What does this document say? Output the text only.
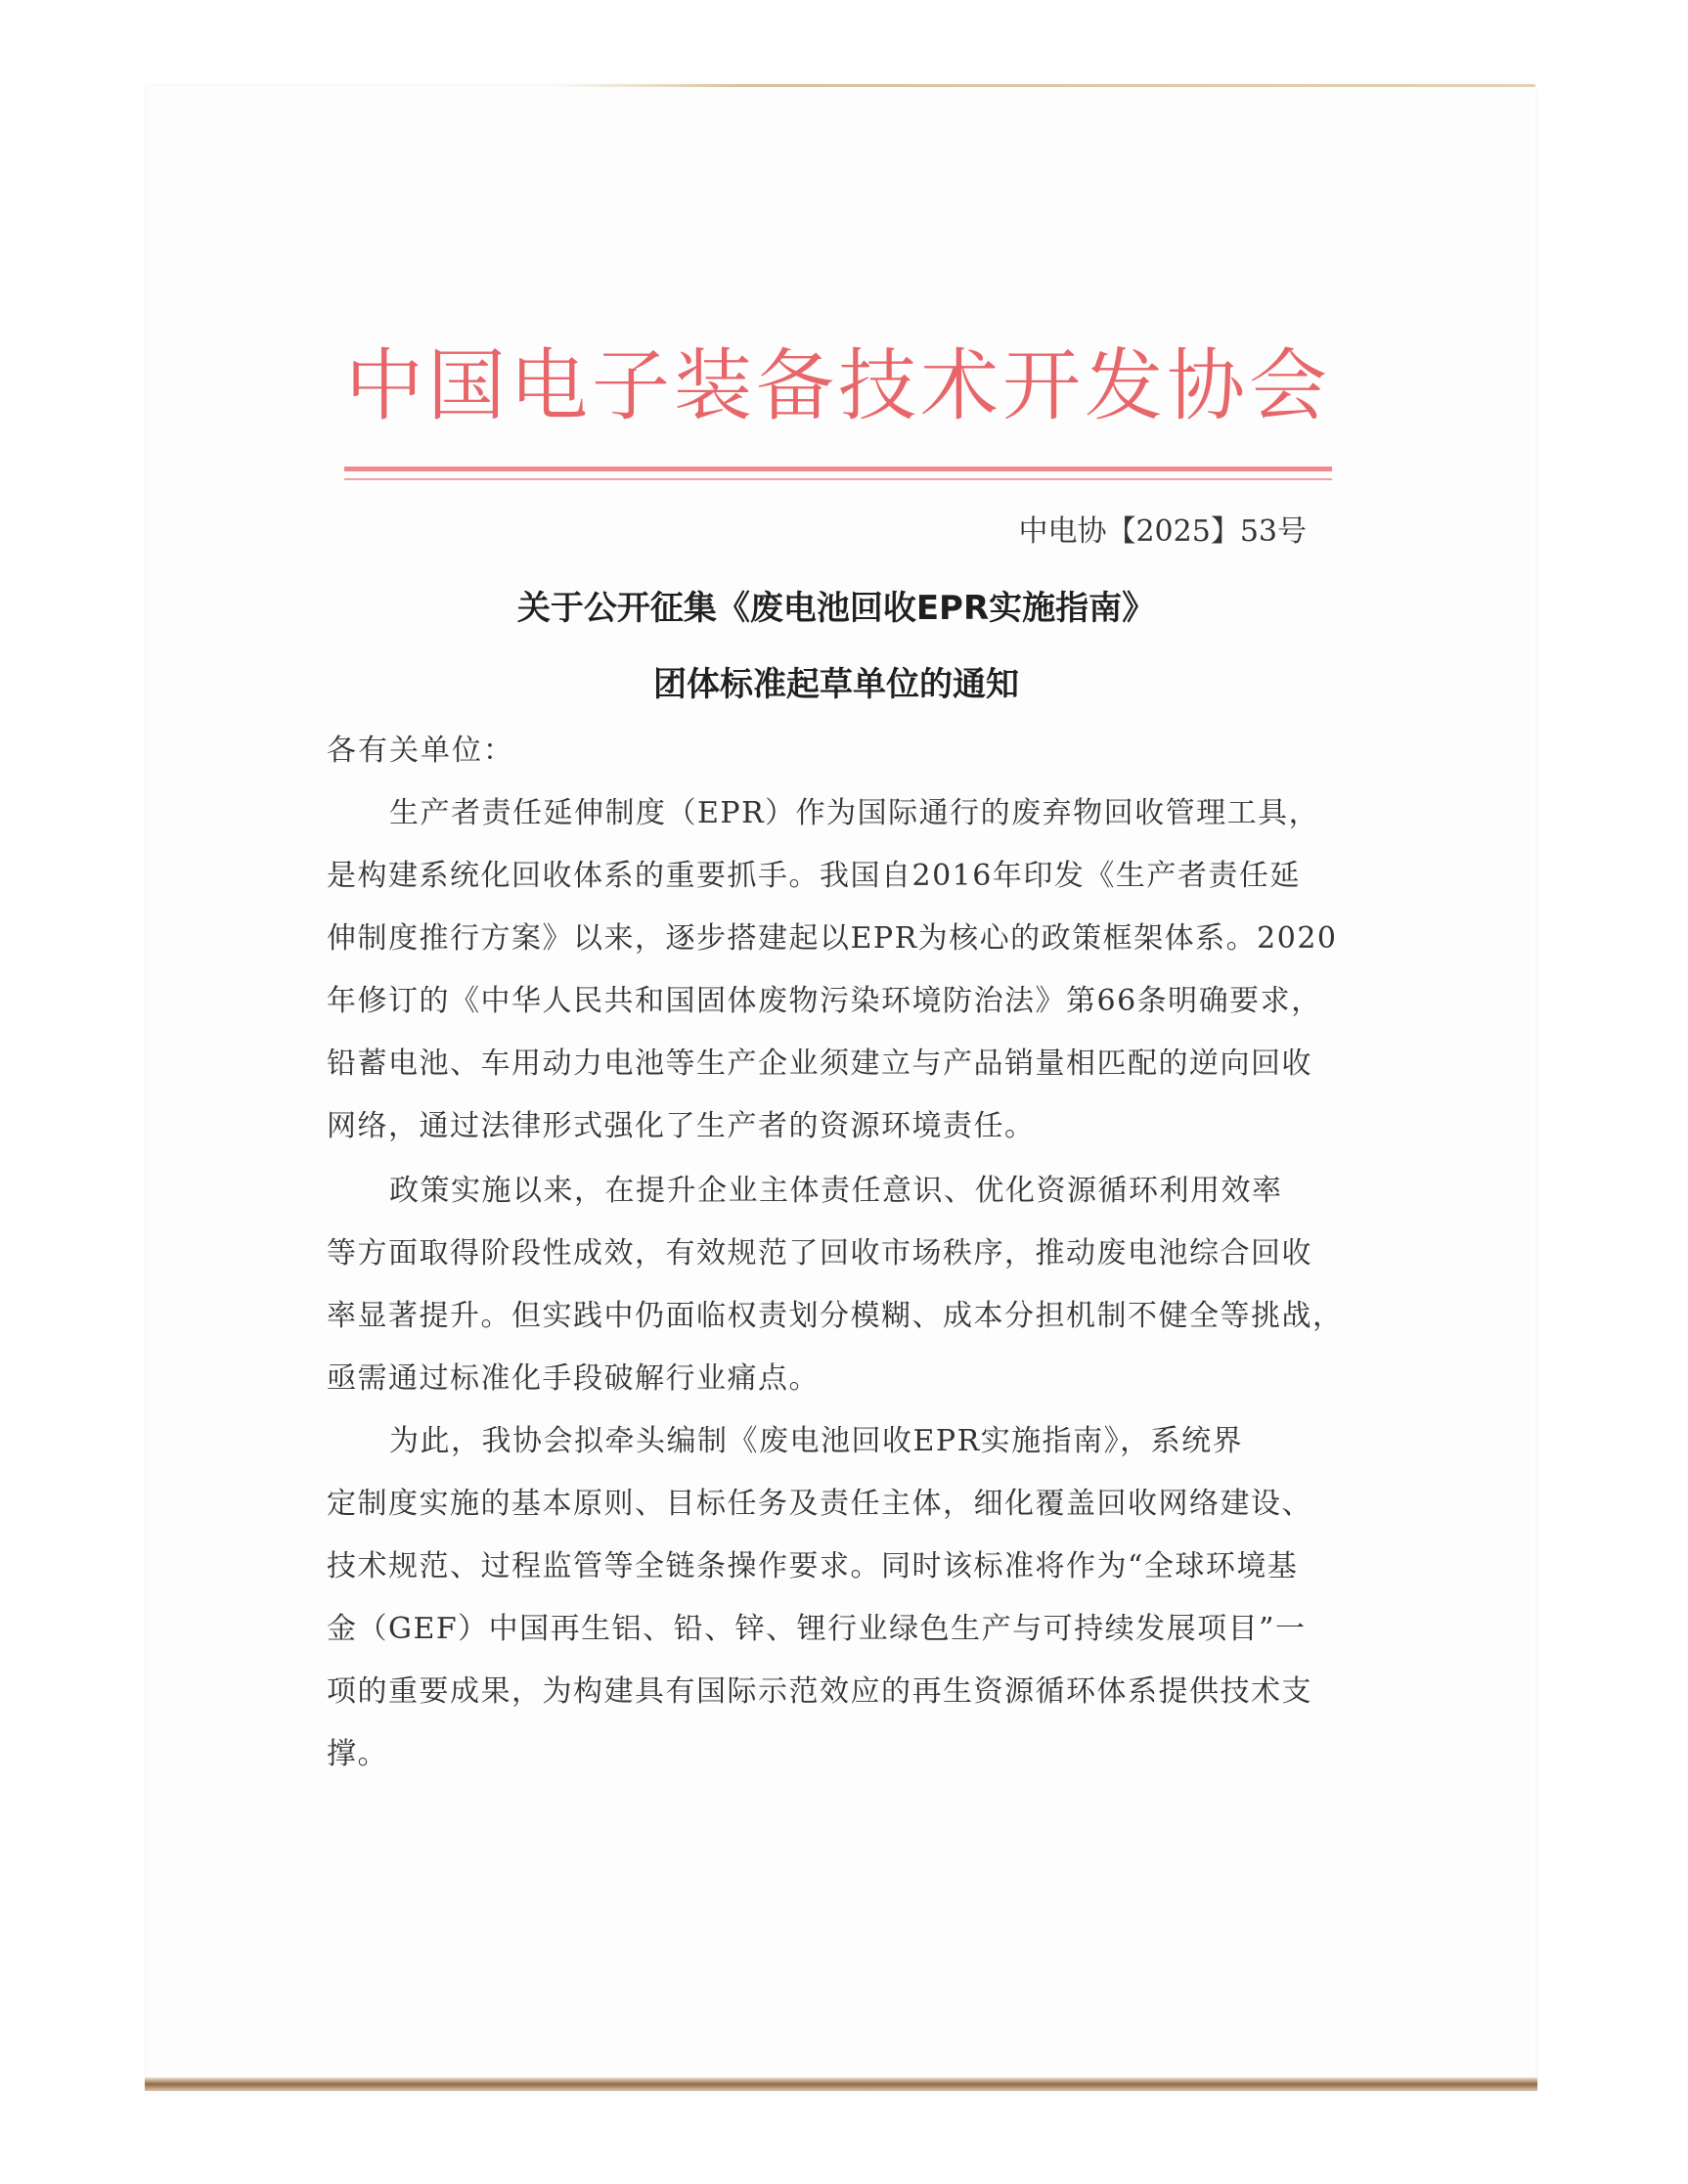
中国电子装备技术开发协会
中电协【2025】53号
关于公开征集《废电池回收EPR实施指南》
团体标准起草单位的通知
各有关单位：
生产者责任延伸制度（EPR）作为国际通行的废弃物回收管理工具，
是构建系统化回收体系的重要抓手。我国自2016年印发《生产者责任延
伸制度推行方案》以来，逐步搭建起以EPR为核心的政策框架体系。2020
年修订的《中华人民共和国固体废物污染环境防治法》第66条明确要求，
铅蓄电池、车用动力电池等生产企业须建立与产品销量相匹配的逆向回收
网络，通过法律形式强化了生产者的资源环境责任。
政策实施以来，在提升企业主体责任意识、优化资源循环利用效率
等方面取得阶段性成效，有效规范了回收市场秩序，推动废电池综合回收
率显著提升。但实践中仍面临权责划分模糊、成本分担机制不健全等挑战，
亟需通过标准化手段破解行业痛点。
为此，我协会拟牵头编制《废电池回收EPR实施指南》，系统界
定制度实施的基本原则、目标任务及责任主体，细化覆盖回收网络建设、
技术规范、过程监管等全链条操作要求。同时该标准将作为“全球环境基
金（GEF）中国再生铝、铅、锌、锂行业绿色生产与可持续发展项目”一
项的重要成果，为构建具有国际示范效应的再生资源循环体系提供技术支
撑。
